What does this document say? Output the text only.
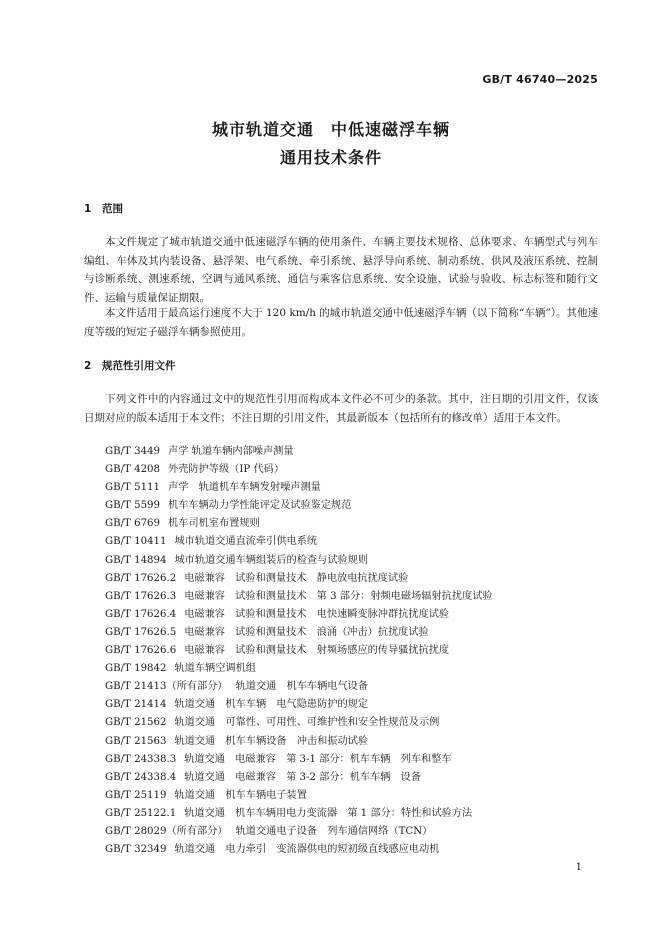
GB/T 46740—2025
城市轨道交通　中低速磁浮车辆
通用技术条件
1 范围
本文件规定了城市轨道交通中低速磁浮车辆的使用条件、车辆主要技术规格、总体要求、车辆型式与列车编组、车体及其内装设备、悬浮架、电气系统、牵引系统、悬浮导向系统、制动系统、供风及液压系统、控制与诊断系统、测速系统、空调与通风系统、通信与乘客信息系统、安全设施、试验与验收、标志标签和随行文件、运输与质量保证期限。
本文件适用于最高运行速度不大于 120 km/h 的城市轨道交通中低速磁浮车辆（以下简称“车辆”）。其他速度等级的短定子磁浮车辆参照使用。
2 规范性引用文件
下列文件中的内容通过文中的规范性引用而构成本文件必不可少的条款。其中，注日期的引用文件，仅该日期对应的版本适用于本文件；不注日期的引用文件，其最新版本（包括所有的修改单）适用于本文件。
GB/T 3449 声学 轨道车辆内部噪声测量
GB/T 4208 外壳防护等级（IP 代码）
GB/T 5111 声学　轨道机车车辆发射噪声测量
GB/T 5599 机车车辆动力学性能评定及试验鉴定规范
GB/T 6769 机车司机室布置规则
GB/T 10411 城市轨道交通直流牵引供电系统
GB/T 14894 城市轨道交通车辆组装后的检查与试验规则
GB/T 17626.2 电磁兼容　试验和测量技术　静电放电抗扰度试验
GB/T 17626.3 电磁兼容　试验和测量技术　第 3 部分：射频电磁场辐射抗扰度试验
GB/T 17626.4 电磁兼容　试验和测量技术　电快速瞬变脉冲群抗扰度试验
GB/T 17626.5 电磁兼容　试验和测量技术　浪涌（冲击）抗扰度试验
GB/T 17626.6 电磁兼容　试验和测量技术　射频场感应的传导骚扰抗扰度
GB/T 19842 轨道车辆空调机组
GB/T 21413（所有部分） 轨道交通　机车车辆电气设备
GB/T 21414 轨道交通　机车车辆　电气隐患防护的规定
GB/T 21562 轨道交通　可靠性、可用性、可维护性和安全性规范及示例
GB/T 21563 轨道交通　机车车辆设备　冲击和振动试验
GB/T 24338.3 轨道交通　电磁兼容　第 3-1 部分：机车车辆　列车和整车
GB/T 24338.4 轨道交通　电磁兼容　第 3-2 部分：机车车辆　设备
GB/T 25119 轨道交通　机车车辆电子装置
GB/T 25122.1 轨道交通　机车车辆用电力变流器　第 1 部分：特性和试验方法
GB/T 28029（所有部分） 轨道交通电子设备　列车通信网络（TCN）
GB/T 32349 轨道交通　电力牵引　变流器供电的短初级直线感应电动机
1
